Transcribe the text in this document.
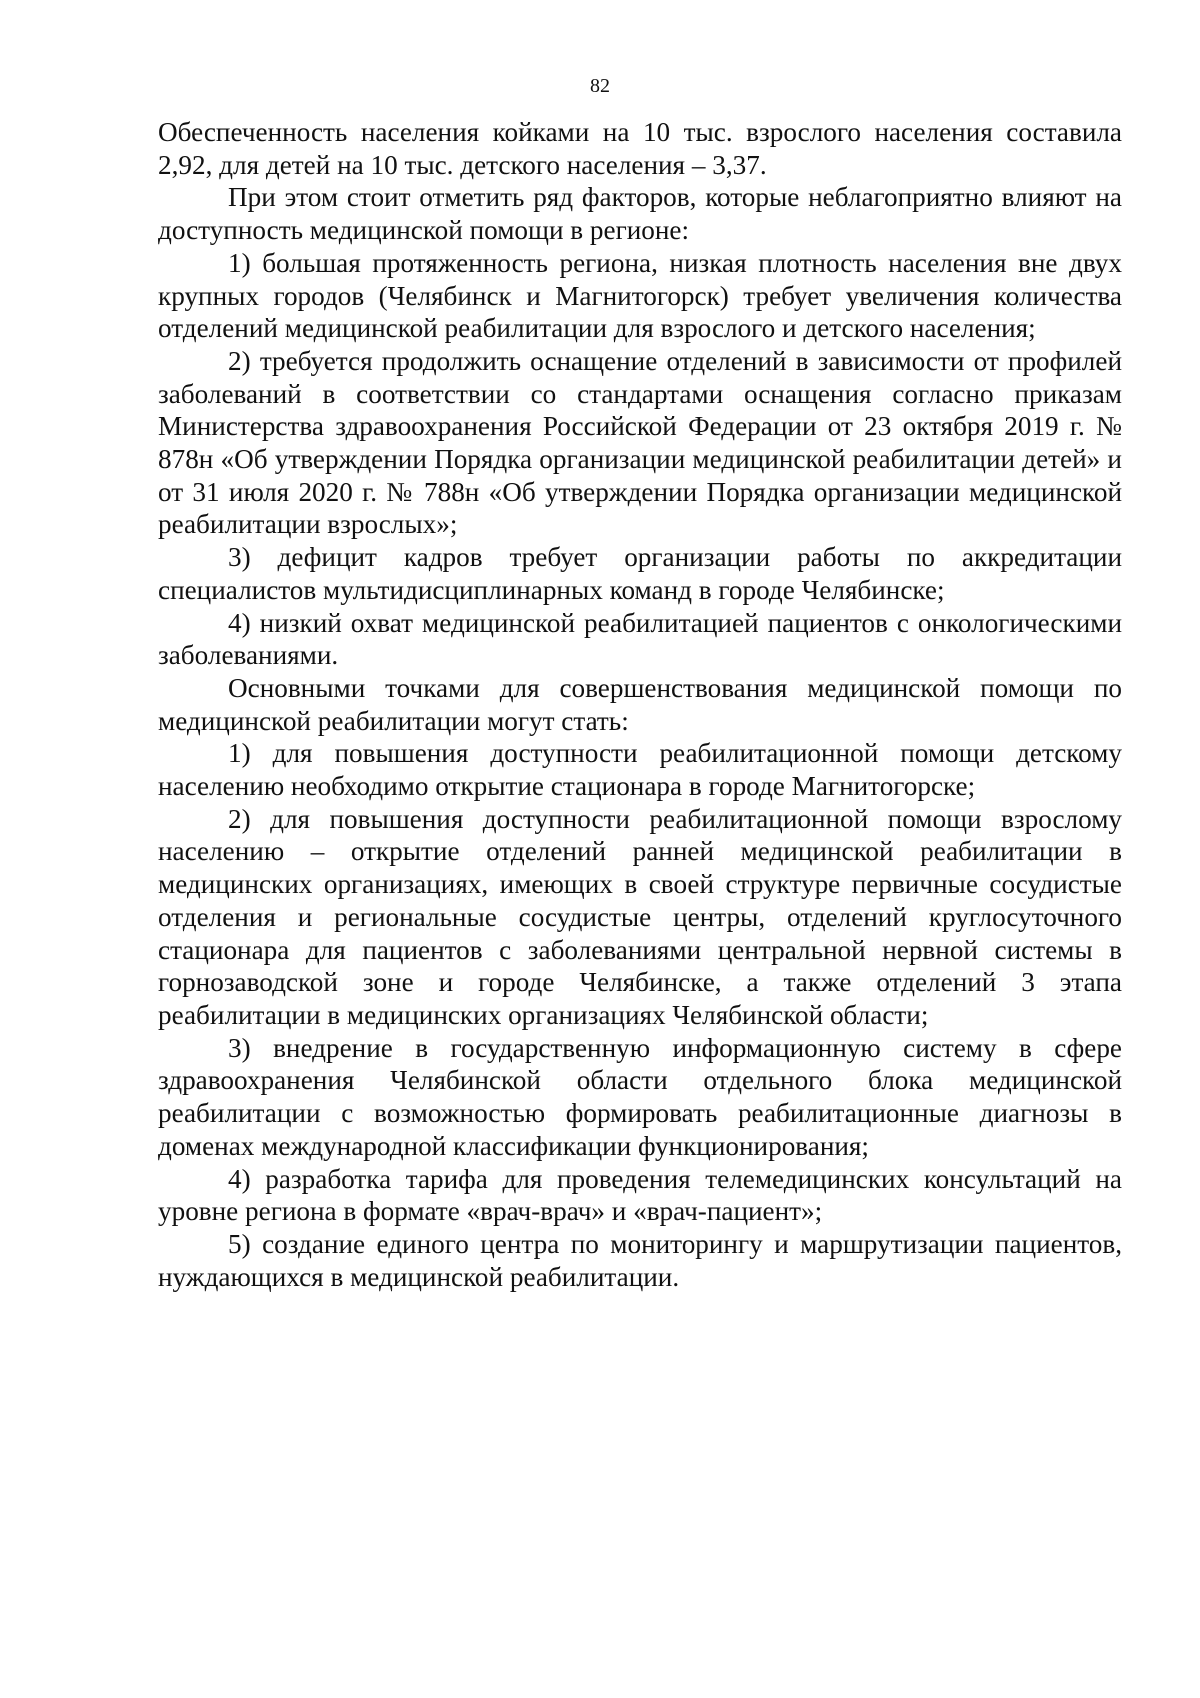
82

Обеспеченность населения койками на 10 тыс. взрослого населения составила 2,92, для детей на 10 тыс. детского населения – 3,37.

При этом стоит отметить ряд факторов, которые неблагоприятно влияют на доступность медицинской помощи в регионе:

1) большая протяженность региона, низкая плотность населения вне двух крупных городов (Челябинск и Магнитогорск) требует увеличения количества отделений медицинской реабилитации для взрослого и детского населения;

2) требуется продолжить оснащение отделений в зависимости от профилей заболеваний в соответствии со стандартами оснащения согласно приказам Министерства здравоохранения Российской Федерации от 23 октября 2019 г. № 878н «Об утверждении Порядка организации медицинской реабилитации детей» и от 31 июля 2020 г. № 788н «Об утверждении Порядка организации медицинской реабилитации взрослых»;

3) дефицит кадров требует организации работы по аккредитации специалистов мультидисциплинарных команд в городе Челябинске;

4) низкий охват медицинской реабилитацией пациентов с онкологическими заболеваниями.

Основными точками для совершенствования медицинской помощи по медицинской реабилитации могут стать:

1) для повышения доступности реабилитационной помощи детскому населению необходимо открытие стационара в городе Магнитогорске;

2) для повышения доступности реабилитационной помощи взрослому населению – открытие отделений ранней медицинской реабилитации в медицинских организациях, имеющих в своей структуре первичные сосудистые отделения и региональные сосудистые центры, отделений круглосуточного стационара для пациентов с заболеваниями центральной нервной системы в горнозаводской зоне и городе Челябинске, а также отделений 3 этапа реабилитации в медицинских организациях Челябинской области;

3) внедрение в государственную информационную систему в сфере здравоохранения Челябинской области отдельного блока медицинской реабилитации с возможностью формировать реабилитационные диагнозы в доменах международной классификации функционирования;

4) разработка тарифа для проведения телемедицинских консультаций на уровне региона в формате «врач-врач» и «врач-пациент»;

5) создание единого центра по мониторингу и маршрутизации пациентов, нуждающихся в медицинской реабилитации.
